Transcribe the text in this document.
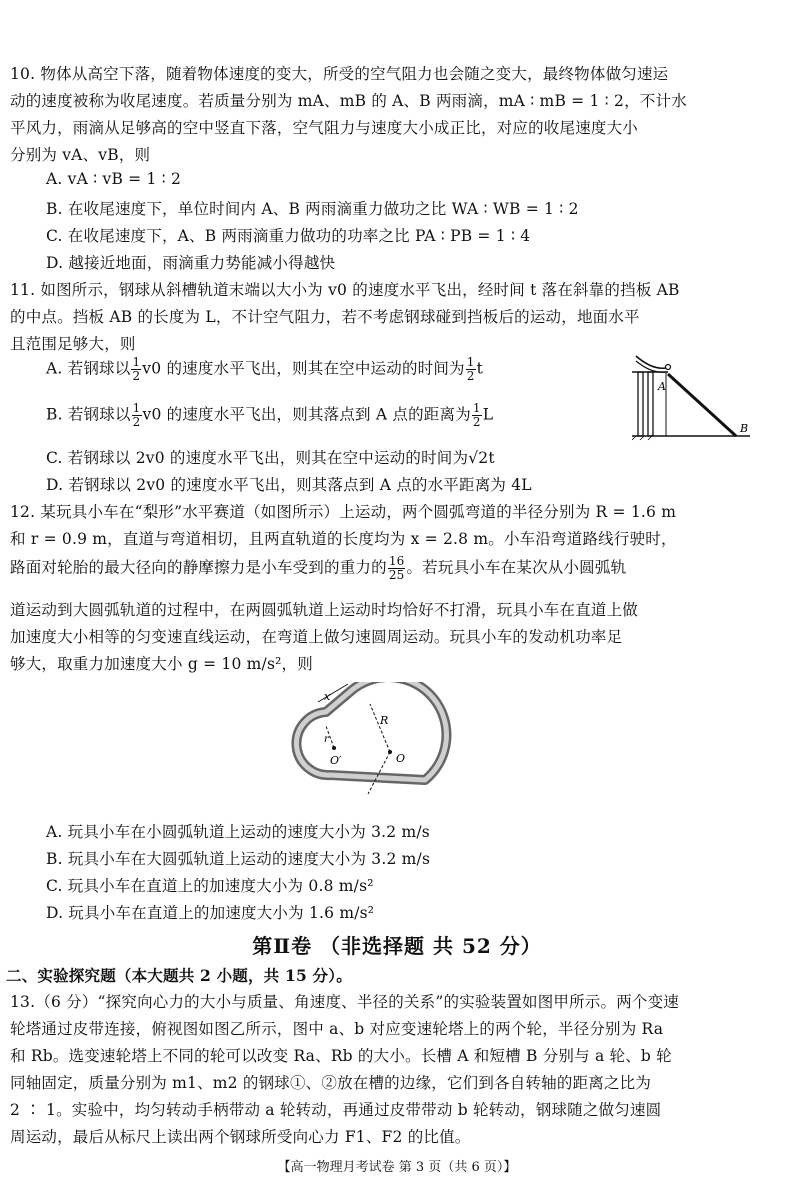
10. 物体从高空下落，随着物体速度的变大，所受的空气阻力也会随之变大，最终物体做匀速运
动的速度被称为收尾速度。若质量分别为 mA、mB 的 A、B 两雨滴，mA ∶ mB = 1 ∶ 2，不计水
平风力，雨滴从足够高的空中竖直下落，空气阻力与速度大小成正比，对应的收尾速度大小
分别为 vA、vB，则
A. vA ∶ vB = 1 ∶ 2
B. 在收尾速度下，单位时间内 A、B 两雨滴重力做功之比 WA ∶ WB = 1 ∶ 2
C. 在收尾速度下，A、B 两雨滴重力做功的功率之比 PA ∶ PB = 1 ∶ 4
D. 越接近地面，雨滴重力势能减小得越快
11. 如图所示，钢球从斜槽轨道末端以大小为 v0 的速度水平飞出，经时间 t 落在斜靠的挡板 AB
的中点。挡板 AB 的长度为 L，不计空气阻力，若不考虑钢球碰到挡板后的运动，地面水平
且范围足够大，则
A. 若钢球以 $\frac{1}{2} v0$ 的速度水平飞出，则其在空中运动的时间为 $\frac{1}{2}$ t
B. 若钢球以 $\frac{1}{2} v0$ 的速度水平飞出，则其落点到 A 点的距离为 $\frac{1}{2}$ L
C. 若钢球以 2v0 的速度水平飞出，则其在空中运动的时间为√2t
D. 若钢球以 2v0 的速度水平飞出，则其落点到 A 点的水平距离为 4L
A
B
12. 某玩具小车在“梨形”水平赛道（如图所示）上运动，两个圆弧弯道的半径分别为 R = 1.6 m
和 r = 0.9 m，直道与弯道相切，且两直轨道的长度均为 x = 2.8 m。小车沿弯道路线行驶时，
路面对轮胎的最大径向的静摩擦力是小车受到的重力的 $\frac{16}{25}$ 。若玩具小车在某次从小圆弧轨
道运动到大圆弧轨道的过程中，在两圆弧轨道上运动时均恰好不打滑，玩具小车在直道上做
加速度大小相等的匀变速直线运动，在弯道上做匀速圆周运动。玩具小车的发动机功率足
够大，取重力加速度大小 g = 10 m/s²，则
x
R
O
r
O′
A. 玩具小车在小圆弧轨道上运动的速度大小为 3.2 m/s
B. 玩具小车在大圆弧轨道上运动的速度大小为 3.2 m/s
C. 玩具小车在直道上的加速度大小为 0.8 m/s²
D. 玩具小车在直道上的加速度大小为 1.6 m/s²
第Ⅱ卷 （非选择题 共 52 分）
二、实验探究题（本大题共 2 小题，共 15 分）。
13.（6 分）“探究向心力的大小与质量、角速度、半径的关系”的实验装置如图甲所示。两个变速
轮塔通过皮带连接，俯视图如图乙所示，图中 a、b 对应变速轮塔上的两个轮，半径分别为 Ra
和 Rb。选变速轮塔上不同的轮可以改变 Ra、Rb 的大小。长槽 A 和短槽 B 分别与 a 轮、b 轮
同轴固定，质量分别为 m1、m2 的钢球①、②放在槽的边缘，它们到各自转轴的距离之比为
2 ∶ 1。实验中，均匀转动手柄带动 a 轮转动，再通过皮带带动 b 轮转动，钢球随之做匀速圆
周运动，最后从标尺上读出两个钢球所受向心力 F1、F2 的比值。
【高一物理月考试卷 第 3 页（共 6 页）】
